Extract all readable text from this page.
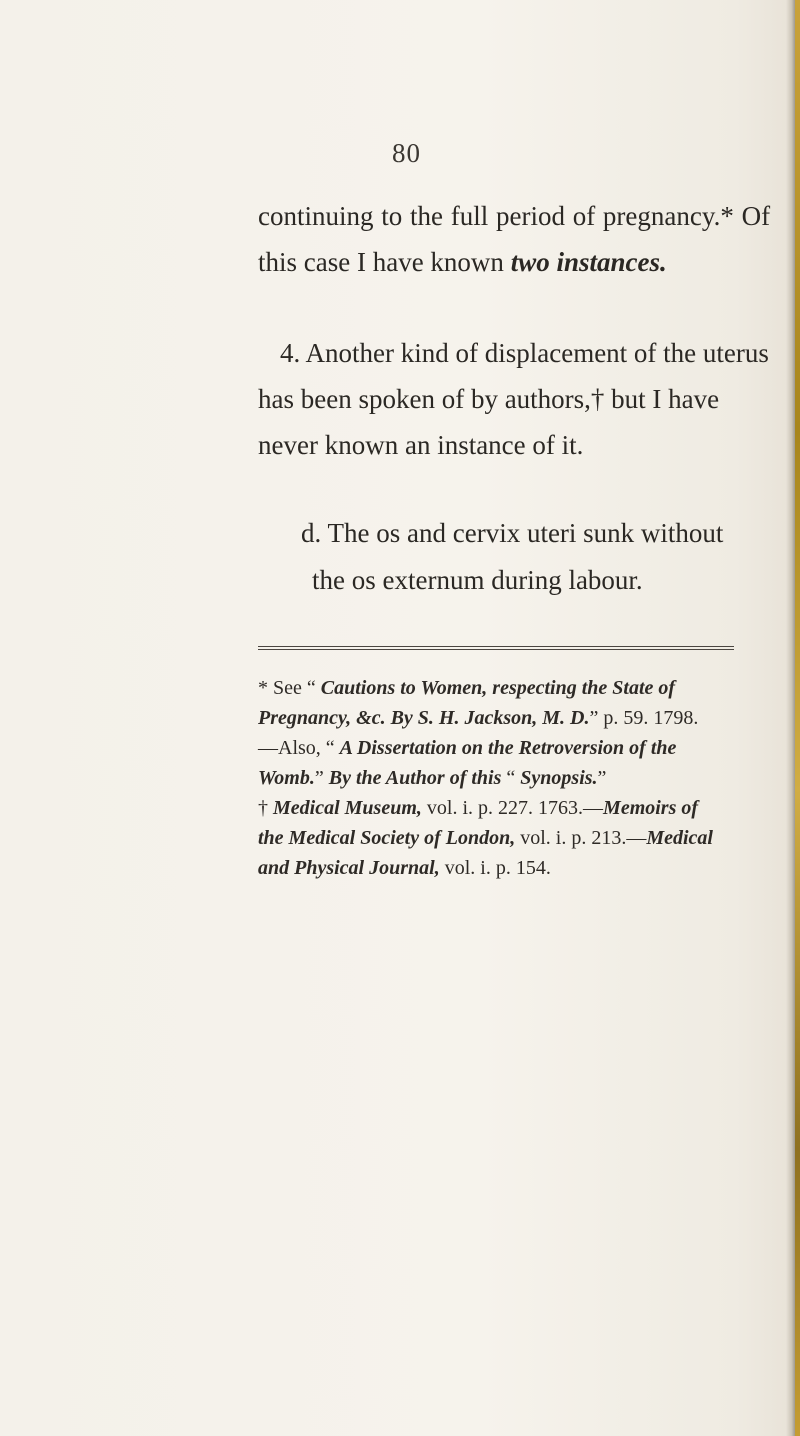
80
continuing to the full period of pregnancy.* Of
this case I have known two instances.
4. Another kind of displacement of the uterus
has been spoken of by authors,† but I have
never known an instance of it.
d. The os and cervix uteri sunk without
the os externum during labour.
* See “ Cautions to Women, respecting the State of
Pregnancy, &c. By S. H. Jackson, M. D.” p. 59. 1798.
—Also, “ A Dissertation on the Retroversion of the
Womb.” By the Author of this “ Synopsis.”
† Medical Museum, vol. i. p. 227. 1763.—Memoirs of
the Medical Society of London, vol. i. p. 213.—Medical
and Physical Journal, vol. i. p. 154.
